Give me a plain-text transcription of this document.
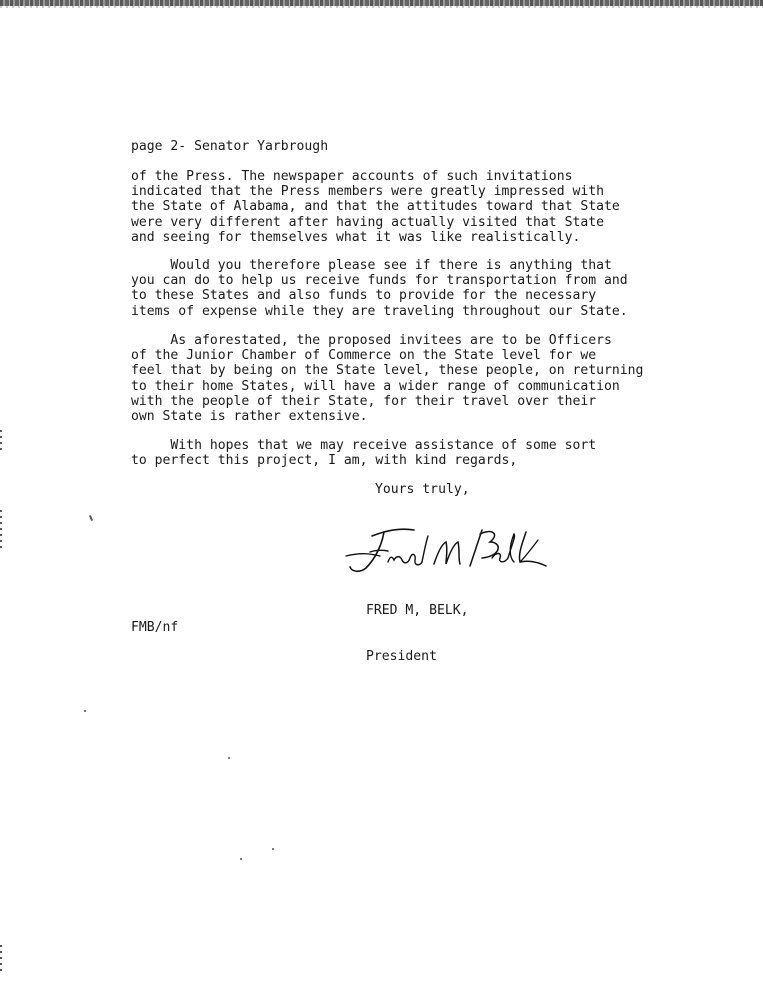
page 2- Senator Yarbrough
of the Press. The newspaper accounts of such invitations
indicated that the Press members were greatly impressed with
the State of Alabama, and that the attitudes toward that State
were very different after having actually visited that State
and seeing for themselves what it was like realistically.
Would you therefore please see if there is anything that
you can do to help us receive funds for transportation from and
to these States and also funds to provide for the necessary
items of expense while they are traveling throughout our State.
As aforestated, the proposed invitees are to be Officers
of the Junior Chamber of Commerce on the State level for we
feel that by being on the State level, these people, on returning
to their home States, will have a wider range of communication
with the people of their State, for their travel over their
own State is rather extensive.
With hopes that we may receive assistance of some sort
to perfect this project, I am, with kind regards,
Yours truly,

FRED M, BELK,

President

FMB/nf
